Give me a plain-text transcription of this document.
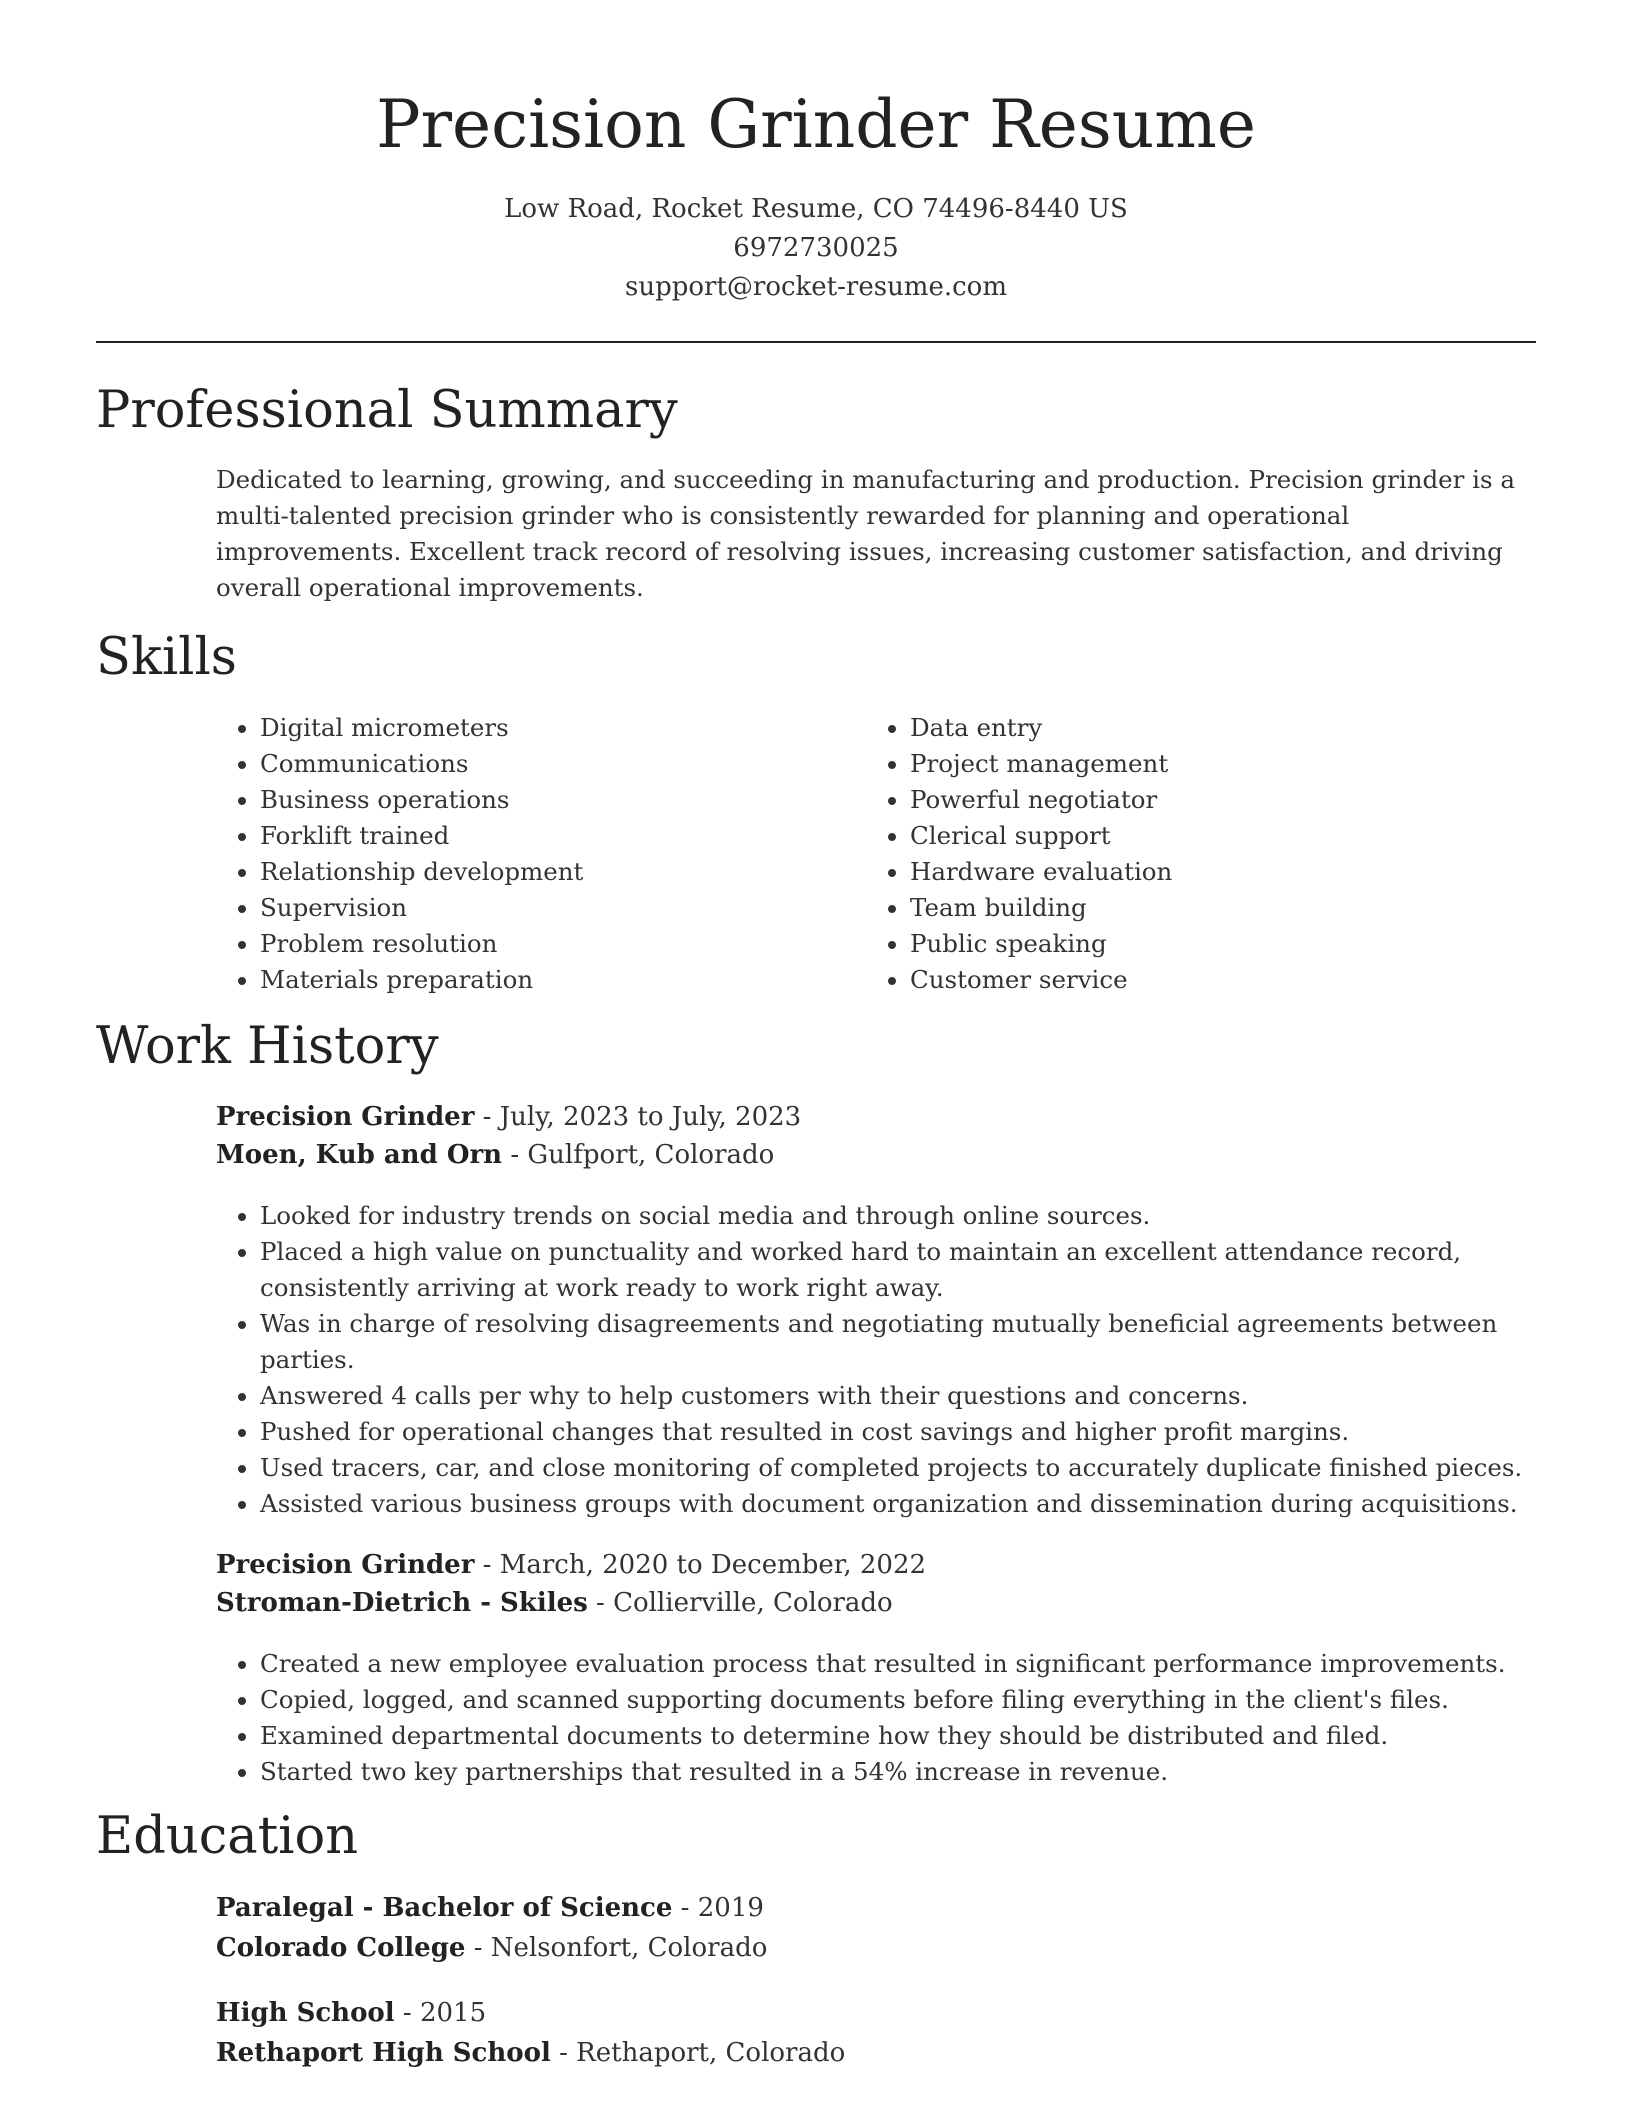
Precision Grinder Resume
Low Road, Rocket Resume, CO 74496-8440 US
6972730025
support@rocket-resume.com
Professional Summary
Dedicated to learning, growing, and succeeding in manufacturing and production. Precision grinder is a multi-talented precision grinder who is consistently rewarded for planning and operational improvements. Excellent track record of resolving issues, increasing customer satisfaction, and driving overall operational improvements.
Skills
• Digital micrometers
• Communications
• Business operations
• Forklift trained
• Relationship development
• Supervision
• Problem resolution
• Materials preparation
• Data entry
• Project management
• Powerful negotiator
• Clerical support
• Hardware evaluation
• Team building
• Public speaking
• Customer service
Work History
Precision Grinder - July, 2023 to July, 2023
Moen, Kub and Orn - Gulfport, Colorado
• Looked for industry trends on social media and through online sources.
• Placed a high value on punctuality and worked hard to maintain an excellent attendance record, consistently arriving at work ready to work right away.
• Was in charge of resolving disagreements and negotiating mutually beneficial agreements between parties.
• Answered 4 calls per why to help customers with their questions and concerns.
• Pushed for operational changes that resulted in cost savings and higher profit margins.
• Used tracers, car, and close monitoring of completed projects to accurately duplicate finished pieces.
• Assisted various business groups with document organization and dissemination during acquisitions.
Precision Grinder - March, 2020 to December, 2022
Stroman-Dietrich - Skiles - Collierville, Colorado
• Created a new employee evaluation process that resulted in significant performance improvements.
• Copied, logged, and scanned supporting documents before filing everything in the client's files.
• Examined departmental documents to determine how they should be distributed and filed.
• Started two key partnerships that resulted in a 54% increase in revenue.
Education
Paralegal - Bachelor of Science - 2019
Colorado College - Nelsonfort, Colorado
High School - 2015
Rethaport High School - Rethaport, Colorado
